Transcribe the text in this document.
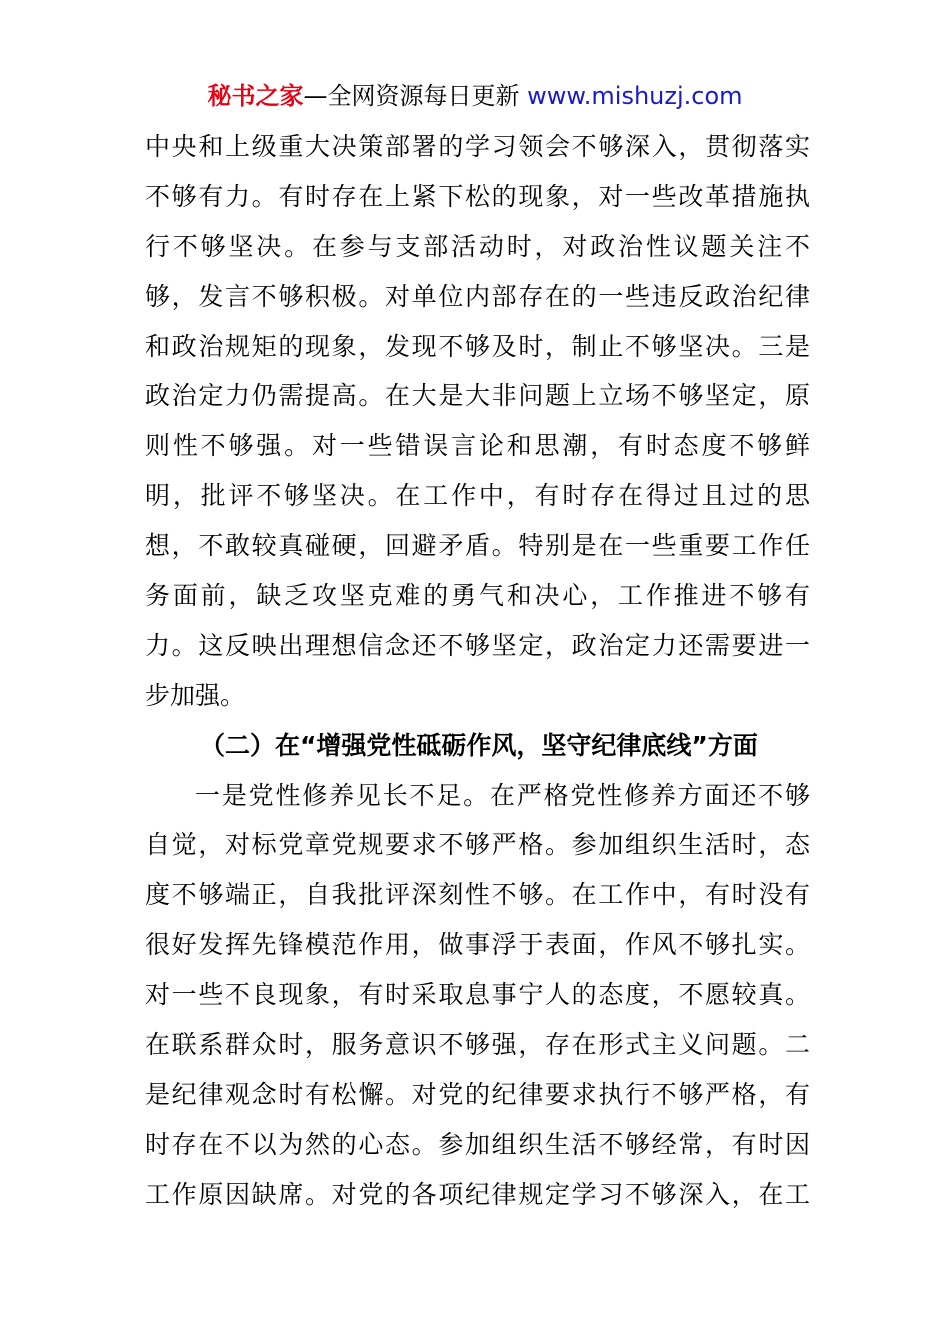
秘书之家—全网资源每日更新 www.mishuzj.com
中央和上级重大决策部署的学习领会不够深入，贯彻落实
不够有力。有时存在上紧下松的现象，对一些改革措施执
行不够坚决。在参与支部活动时，对政治性议题关注不
够，发言不够积极。对单位内部存在的一些违反政治纪律
和政治规矩的现象，发现不够及时，制止不够坚决。三是
政治定力仍需提高。在大是大非问题上立场不够坚定，原
则性不够强。对一些错误言论和思潮，有时态度不够鲜
明，批评不够坚决。在工作中，有时存在得过且过的思
想，不敢较真碰硬，回避矛盾。特别是在一些重要工作任
务面前，缺乏攻坚克难的勇气和决心，工作推进不够有
力。这反映出理想信念还不够坚定，政治定力还需要进一
步加强。
（二）在“增强党性砥砺作风，坚守纪律底线”方面
一是党性修养见长不足。在严格党性修养方面还不够
自觉，对标党章党规要求不够严格。参加组织生活时，态
度不够端正，自我批评深刻性不够。在工作中，有时没有
很好发挥先锋模范作用，做事浮于表面，作风不够扎实。
对一些不良现象，有时采取息事宁人的态度，不愿较真。
在联系群众时，服务意识不够强，存在形式主义问题。二
是纪律观念时有松懈。对党的纪律要求执行不够严格，有
时存在不以为然的心态。参加组织生活不够经常，有时因
工作原因缺席。对党的各项纪律规定学习不够深入，在工
